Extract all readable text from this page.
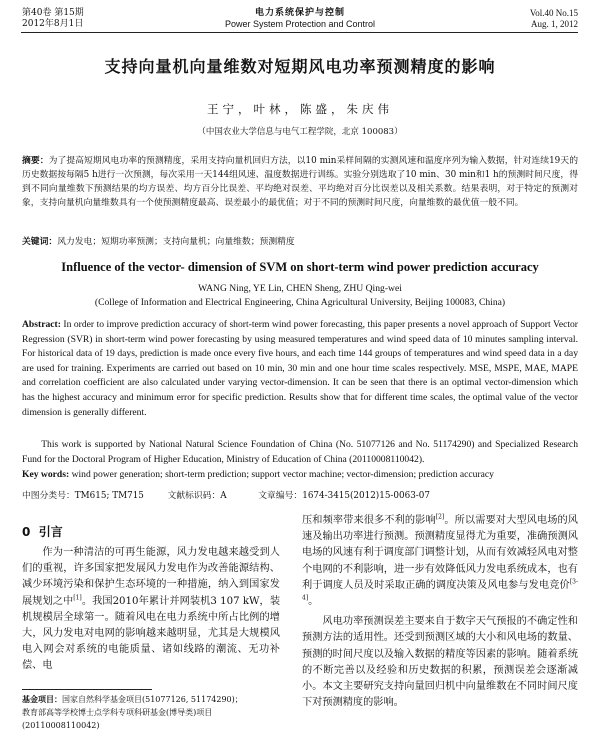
第40卷 第15期
2012年8月1日
电力系统保护与控制
Power System Protection and Control
Vol.40 No.15
Aug. 1, 2012
支持向量机向量维数对短期风电功率预测精度的影响
王宁，叶林，陈盛，朱庆伟
（中国农业大学信息与电气工程学院，北京 100083）
摘要：为了提高短期风电功率的预测精度，采用支持向量机回归方法，以10 min采样间隔的实测风速和温度序列为输入数据，针对连续19天的历史数据按每隔5 h进行一次预测，每次采用一天144组风速、温度数据进行训练。实验分别选取了10 min、30 min和1 h的预测时间尺度，得到不同向量维数下预测结果的均方误差、均方百分比误差、平均绝对误差、平均绝对百分比误差以及相关系数。结果表明，对于特定的预测对象，支持向量机向量维数具有一个使预测精度最高、误差最小的最优值；对于不同的预测时间尺度，向量维数的最优值一般不同。
关键词：风力发电；短期功率预测；支持向量机；向量维数；预测精度
Influence of the vector- dimension of SVM on short-term wind power prediction accuracy
WANG Ning, YE Lin, CHEN Sheng, ZHU Qing-wei
(College of Information and Electrical Engineering, China Agricultural University, Beijing 100083, China)
Abstract: In order to improve prediction accuracy of short-term wind power forecasting, this paper presents a novel approach of Support Vector Regression (SVR) in short-term wind power forecasting by using measured temperatures and wind speed data of 10 minutes sampling interval. For historical data of 19 days, prediction is made once every five hours, and each time 144 groups of temperatures and wind speed data in a day are used for training. Experiments are carried out based on 10 min, 30 min and one hour time scales respectively. MSE, MSPE, MAE, MAPE and correlation coefficient are also calculated under varying vector-dimension. It can be seen that there is an optimal vector-dimension which has the highest accuracy and minimum error for specific prediction. Results show that for different time scales, the optimal value of the vector dimension is generally different.
This work is supported by National Natural Science Foundation of China (No. 51077126 and No. 51174290) and Specialized Research Fund for the Doctoral Program of Higher Education, Ministry of Education of China (20110008110042).
Key words: wind power generation; short-term prediction; support vector machine; vector-dimension; prediction accuracy
中图分类号：TM615; TM715	文献标识码：A	文章编号：1674-3415(2012)15-0063-07
0 引言

作为一种清洁的可再生能源，风力发电越来越受到人们的重视，许多国家把发展风力发电作为改善能源结构、减少环境污染和保护生态环境的一种措施，纳入到国家发展规划之中[1]。我国2010年累计并网装机3 107 kW，装机规模居全球第一。随着风电在电力系统中所占比例的增大，风力发电对电网的影响越来越明显，尤其是大规模风电入网会对系统的电能质量、诸如线路的潮流、无功补偿、电

基金项目：国家自然科学基金项目(51077126, 51174290)；
教育部高等学校博士点学科专项科研基金(博导类)项目
(20110008110042)

压和频率带来很多不利的影响[2]。所以需要对大型风电场的风速及输出功率进行预测。预测精度显得尤为重要，准确预测风电场的风速有利于调度部门调整计划，从而有效减轻风电对整个电网的不利影响，进一步有效降低风力发电系统成本，也有利于调度人员及时采取正确的调度决策及风电参与发电竞价[3-4]。

风电功率预测误差主要来自于数字天气预报的不确定性和预测方法的适用性。还受到预测区域的大小和风电场的数量、预测的时间尺度以及输入数据的精度等因素的影响。随着系统的不断完善以及经验和历史数据的积累，预测误差会逐渐减小。本文主要研究支持向量回归机中向量维数在不同时间尺度下对预测精度的影响。
